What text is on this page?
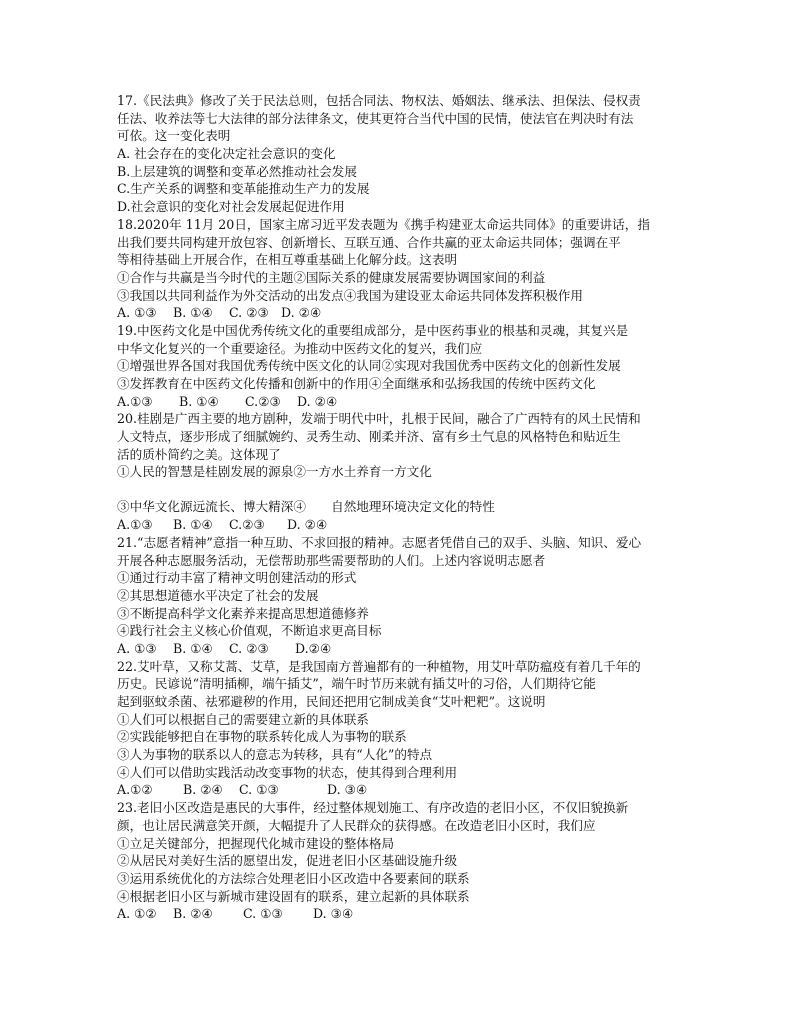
17.《民法典》修改了关于民法总则，包括合同法、物权法、婚姻法、继承法、担保法、侵权责
任法、收养法等七大法律的部分法律条文，使其更符合当代中国的民情，使法官在判决时有法
可依。这一变化表明
A. 社会存在的变化决定社会意识的变化
B.上层建筑的调整和变革必然推动社会发展
C.生产关系的调整和变革能推动生产力的发展
D.社会意识的变化对社会发展起促进作用
18.2020年 11月 20日，国家主席习近平发表题为《携手构建亚太命运共同体》的重要讲话，指
出我们要共同构建开放包容、创新增长、互联互通、合作共赢的亚太命运共同体；强调在平
等相待基础上开展合作，在相互尊重基础上化解分歧。这表明
①合作与共赢是当今时代的主题②国际关系的健康发展需要协调国家间的利益
③我国以共同利益作为外交活动的出发点④我国为建设亚太命运共同体发挥积极作用
A. ①③	B. ①④	C. ②③ D. ②④
19.中医药文化是中国优秀传统文化的重要组成部分，是中医药事业的根基和灵魂，其复兴是
中华文化复兴的一个重要途径。为推动中医药文化的复兴，我们应
①增强世界各国对我国优秀传统中医文化的认同②实现对我国优秀中医药文化的创新性发展
③发挥教育在中医药文化传播和创新中的作用④全面继承和弘扬我国的传统中医药文化
A.①③	B. ①④	C.②③	D. ②④
20.桂剧是广西主要的地方剧种，发端于明代中叶，扎根于民间，融合了广西特有的风土民情和
人文特点，逐步形成了细腻婉约、灵秀生动、刚柔并济、富有乡土气息的风格特色和贴近生
活的质朴简约之美。这体现了
①人民的智慧是桂剧发展的源泉②一方水土养育一方文化
③中华文化源远流长、博大精深④　　自然地理环境决定文化的特性
A.①③	B. ①④	C.②③	D. ②④
21.“志愿者精神”意指一种互助、不求回报的精神。志愿者凭借自己的双手、头脑、知识、爱心
开展各种志愿服务活动，无偿帮助那些需要帮助的人们。上述内容说明志愿者
①通过行动丰富了精神文明创建活动的形式
②其思想道德水平决定了社会的发展
③不断提高科学文化素养来提高思想道德修养
④践行社会主义核心价值观，不断追求更高目标
A. ①③	B. ①④	C. ②③	D.②④
22.艾叶草，又称艾蒿、艾草，是我国南方普遍都有的一种植物，用艾叶草防瘟疫有着几千年的
历史。民谚说“清明插柳，端午插艾”，端午时节历来就有插艾叶的习俗，人们期待它能
起到驱蚊杀菌、祛邪避秽的作用，民间还把用它制成美食“艾叶粑粑”。这说明
①人们可以根据自己的需要建立新的具体联系
②实践能够把自在事物的联系转化成人为事物的联系
③人为事物的联系以人的意志为转移，具有“人化”的特点
④人们可以借助实践活动改变事物的状态，使其得到合理利用
A.①②	B. ②④	C. ①③	D. ③④
23.老旧小区改造是惠民的大事件，经过整体规划施工、有序改造的老旧小区，不仅旧貌换新
颜，也让居民满意笑开颜，大幅提升了人民群众的获得感。在改造老旧小区时，我们应
①立足关键部分，把握现代化城市建设的整体格局
②从居民对美好生活的愿望出发，促进老旧小区基础设施升级
③运用系统优化的方法综合处理老旧小区改造中各要素间的联系
④根据老旧小区与新城市建设固有的联系，建立起新的具体联系
A. ①②	B. ②④	C. ①③	D. ③④
